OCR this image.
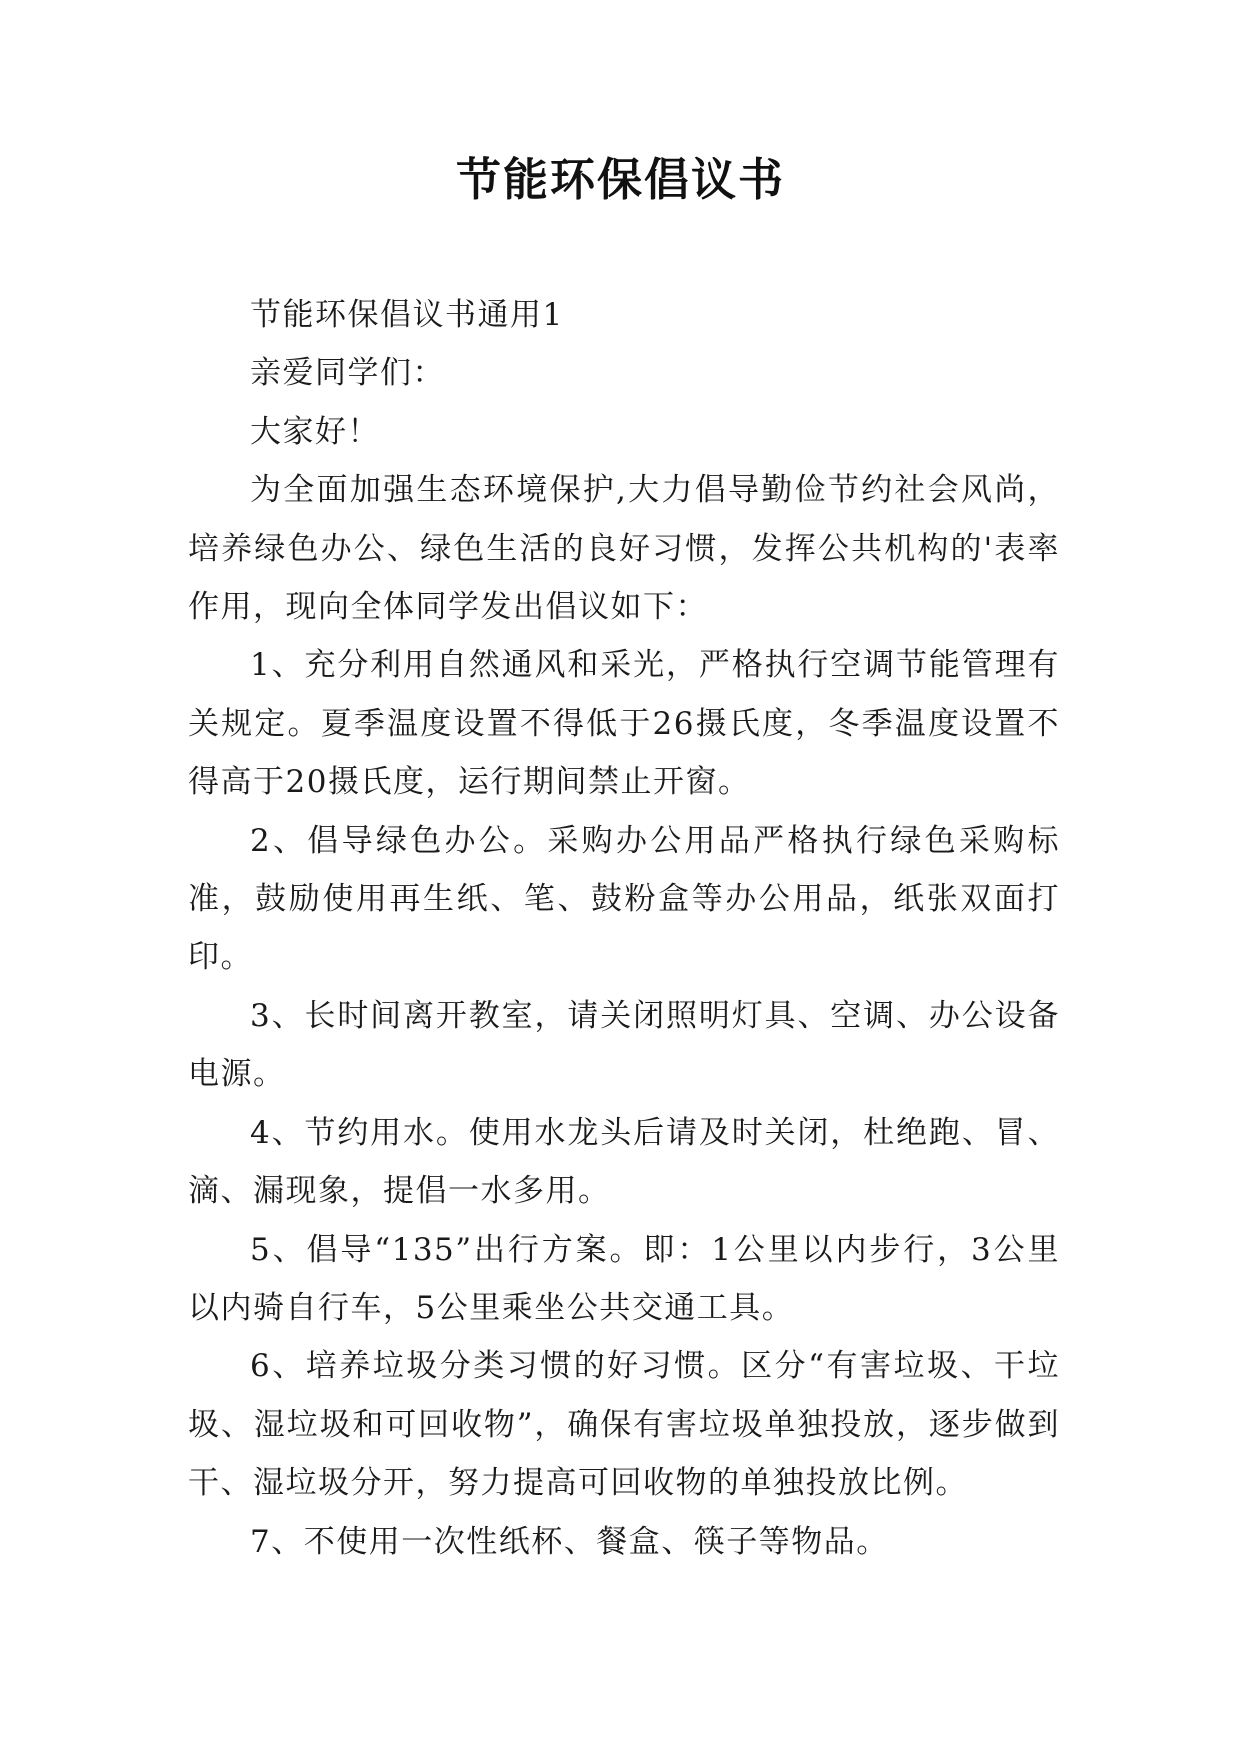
节能环保倡议书

节能环保倡议书通用1

亲爱同学们：

大家好！

为全面加强生态环境保护,大力倡导勤俭节约社会风尚，培养绿色办公、绿色生活的良好习惯，发挥公共机构的'表率作用，现向全体同学发出倡议如下：

1、充分利用自然通风和采光，严格执行空调节能管理有关规定。夏季温度设置不得低于26摄氏度，冬季温度设置不得高于20摄氏度，运行期间禁止开窗。

2、倡导绿色办公。采购办公用品严格执行绿色采购标准，鼓励使用再生纸、笔、鼓粉盒等办公用品，纸张双面打印。

3、长时间离开教室，请关闭照明灯具、空调、办公设备电源。

4、节约用水。使用水龙头后请及时关闭，杜绝跑、冒、滴、漏现象，提倡一水多用。

5、倡导“135”出行方案。即：1公里以内步行，3公里以内骑自行车，5公里乘坐公共交通工具。

6、培养垃圾分类习惯的好习惯。区分“有害垃圾、干垃圾、湿垃圾和可回收物”，确保有害垃圾单独投放，逐步做到干、湿垃圾分开，努力提高可回收物的单独投放比例。

7、不使用一次性纸杯、餐盒、筷子等物品。
